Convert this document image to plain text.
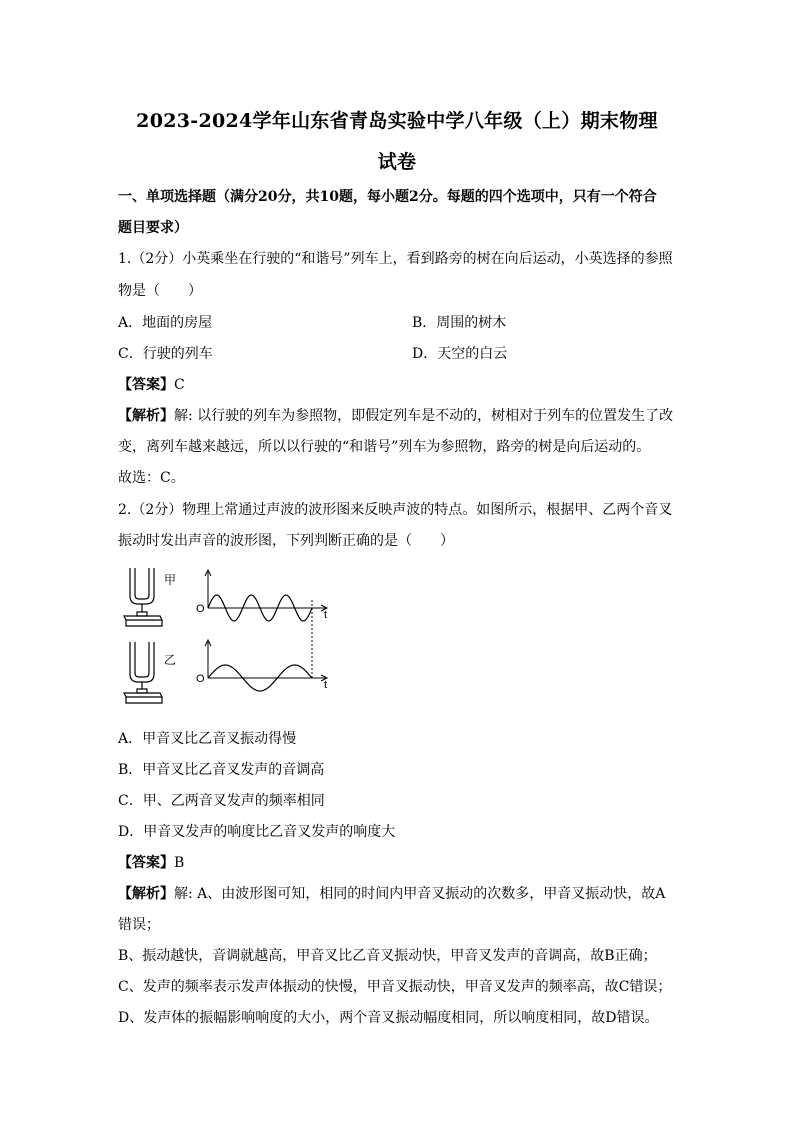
2023-2024学年山东省青岛实验中学八年级（上）期末物理
试卷
一、单项选择题（满分20分，共10题，每小题2分。每题的四个选项中，只有一个符合
题目要求）
1.（2分）小英乘坐在行驶的“和谐号”列车上，看到路旁的树在向后运动，小英选择的参照
物是（　　）
A．地面的房屋	B．周围的树木
C．行驶的列车	D．天空的白云
【答案】C
【解析】解: 以行驶的列车为参照物，即假定列车是不动的，树相对于列车的位置发生了改
变，离列车越来越远，所以以行驶的“和谐号”列车为参照物，路旁的树是向后运动的。
故选：C。
2.（2分）物理上常通过声波的波形图来反映声波的特点。如图所示，根据甲、乙两个音叉
振动时发出声音的波形图，下列判断正确的是（　　）
甲
乙
O	t
O	t
A．甲音叉比乙音叉振动得慢
B．甲音叉比乙音叉发声的音调高
C．甲、乙两音叉发声的频率相同
D．甲音叉发声的响度比乙音叉发声的响度大
【答案】B
【解析】解: A、由波形图可知，相同的时间内甲音叉振动的次数多，甲音叉振动快，故A
错误；
B、振动越快，音调就越高，甲音叉比乙音叉振动快，甲音叉发声的音调高，故B正确；
C、发声的频率表示发声体振动的快慢，甲音叉振动快，甲音叉发声的频率高，故C错误；
D、发声体的振幅影响响度的大小，两个音叉振动幅度相同，所以响度相同，故D错误。
